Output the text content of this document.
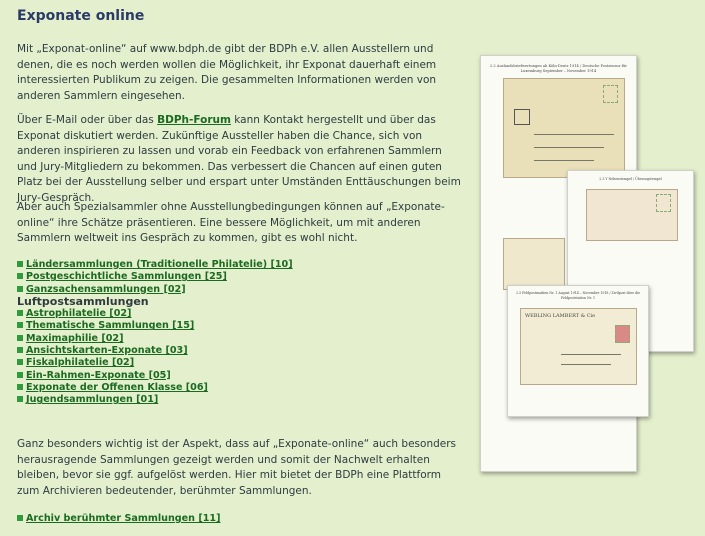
Exponate online

Mit „Exponat-online“ auf www.bdph.de gibt der BDPh e.V. allen Ausstellern und denen, die es noch werden wollen die Möglichkeit, ihr Exponat dauerhaft einem interessierten Publikum zu zeigen. Die gesammelten Informationen werden von anderen Sammlern eingesehen.

Über E-Mail oder über das BDPh-Forum kann Kontakt hergestellt und über das Exponat diskutiert werden. Zukünftige Aussteller haben die Chance, sich von anderen inspirieren zu lassen und vorab ein Feedback von erfahrenen Sammlern und Jury-Mitgliedern zu bekommen. Das verbessert die Chancen auf einen guten Platz bei der Ausstellung selber und erspart unter Umständen Enttäuschungen beim Jury-Gespräch.

Aber auch Spezialsammler ohne Ausstellungbedingungen können auf „Exponate-online“ ihre Schätze präsentieren. Eine bessere Möglichkeit, um mit anderen Sammlern weltweit ins Gespräch zu kommen, gibt es wohl nicht.

Ländersammlungen (Traditionelle Philatelie) [10]
Postgeschichtliche Sammlungen [25]
Ganzsachensammlungen [02]
Luftpostsammlungen
Astrophilatelie [02]
Thematische Sammlungen [15]
Maximaphilie [02]
Ansichtskarten-Exponate [03]
Fiskalphilatelie [02]
Ein-Rahmen-Exponate [05]
Exponate der Offenen Klasse [06]
Jugendsammlungen [01]

Ganz besonders wichtig ist der Aspekt, dass auf „Exponate-online“ auch besonders herausragende Sammlungen gezeigt werden und somit der Nachwelt erhalten bleiben, bevor sie ggf. aufgelöst werden. Hier mit bietet der BDPh eine Plattform zum Archivieren bedeutender, berühmter Sammlungen.

Archiv berühmter Sammlungen [11]
2.2 Auslandsbriefwertungen ab Köln-Deutz 1914 / Deutsche Postzensur für Luxemburg September – November 1914
2.3 Y Nebenstempel / Überzugstempel
2.5 Feldpostmarken Nr. 1 August 1914 – November 1918 / Zivilpost über die Feldpoststation Nr. 1
WEBLING LAMBERT & Cie
